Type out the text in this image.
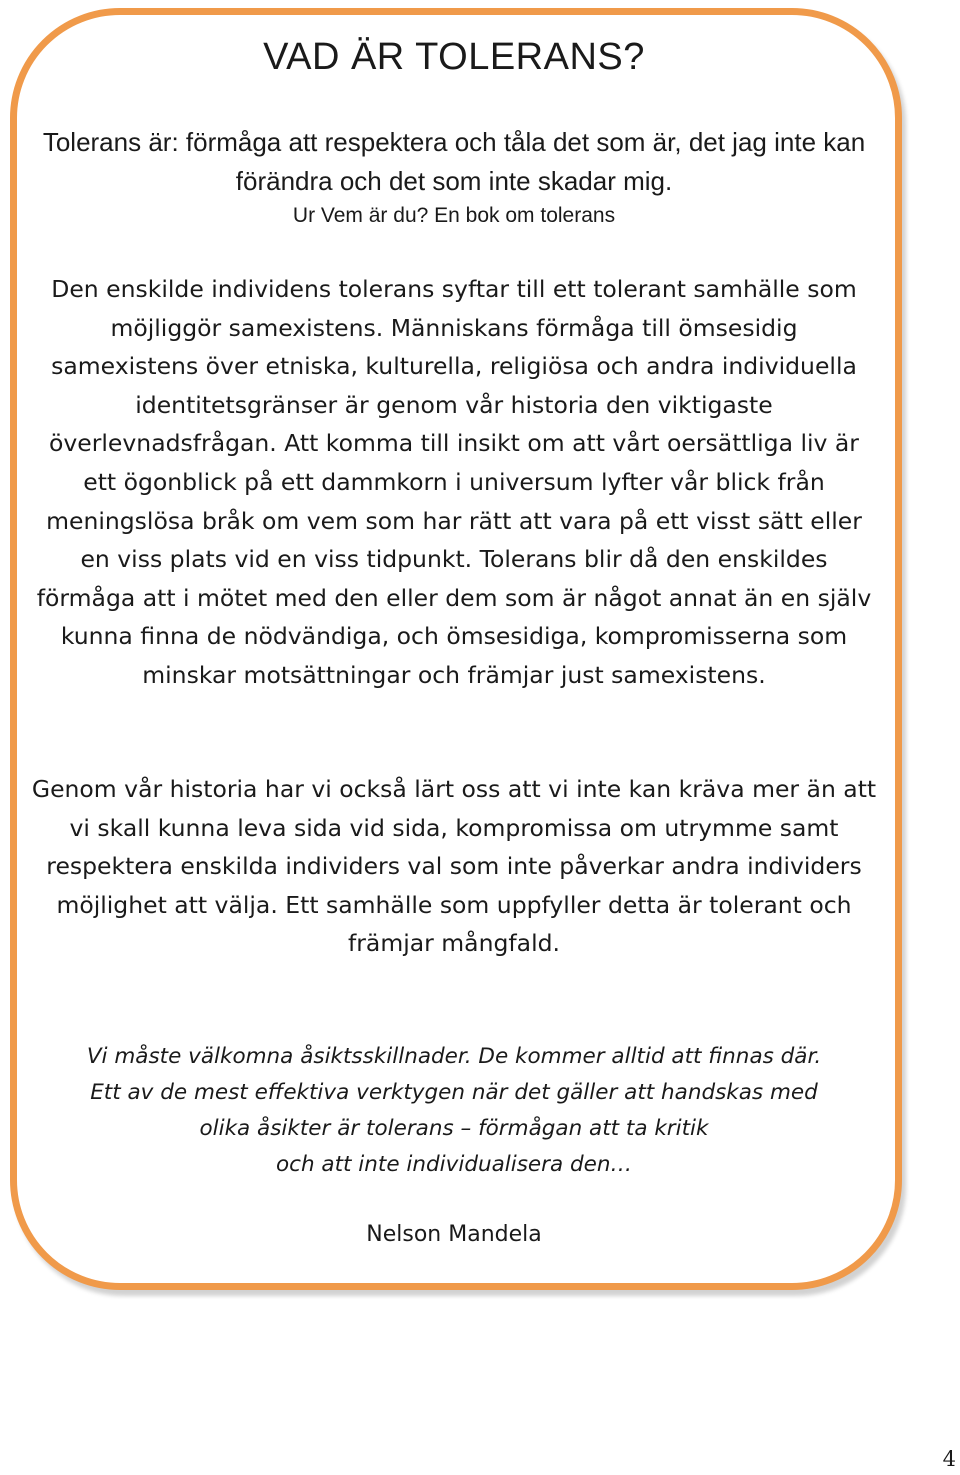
VAD ÄR TOLERANS?

Tolerans är: förmåga att respektera och tåla det som är, det jag inte kan förändra och det som inte skadar mig.

Ur Vem är du? En bok om tolerans

Den enskilde individens tolerans syftar till ett tolerant samhälle som möjliggör samexistens. Människans förmåga till ömsesidig samexistens över etniska, kulturella, religiösa och andra individuella identitetsgränser är genom vår historia den viktigaste överlevnadsfrågan. Att komma till insikt om att vårt oersättliga liv är ett ögonblick på ett dammkorn i universum lyfter vår blick från meningslösa bråk om vem som har rätt att vara på ett visst sätt eller en viss plats vid en viss tidpunkt. Tolerans blir då den enskildes förmåga att i mötet med den eller dem som är något annat än en själv kunna finna de nödvändiga, och ömsesidiga, kompromisserna som minskar motsättningar och främjar just samexistens.

Genom vår historia har vi också lärt oss att vi inte kan kräva mer än att vi skall kunna leva sida vid sida, kompromissa om utrymme samt respektera enskilda individers val som inte påverkar andra individers möjlighet att välja. Ett samhälle som uppfyller detta är tolerant och främjar mångfald.

Vi måste välkomna åsiktsskillnader. De kommer alltid att finnas där.
Ett av de mest effektiva verktygen när det gäller att handskas med
olika åsikter är tolerans – förmågan att ta kritik
och att inte individualisera den…

Nelson Mandela

4
